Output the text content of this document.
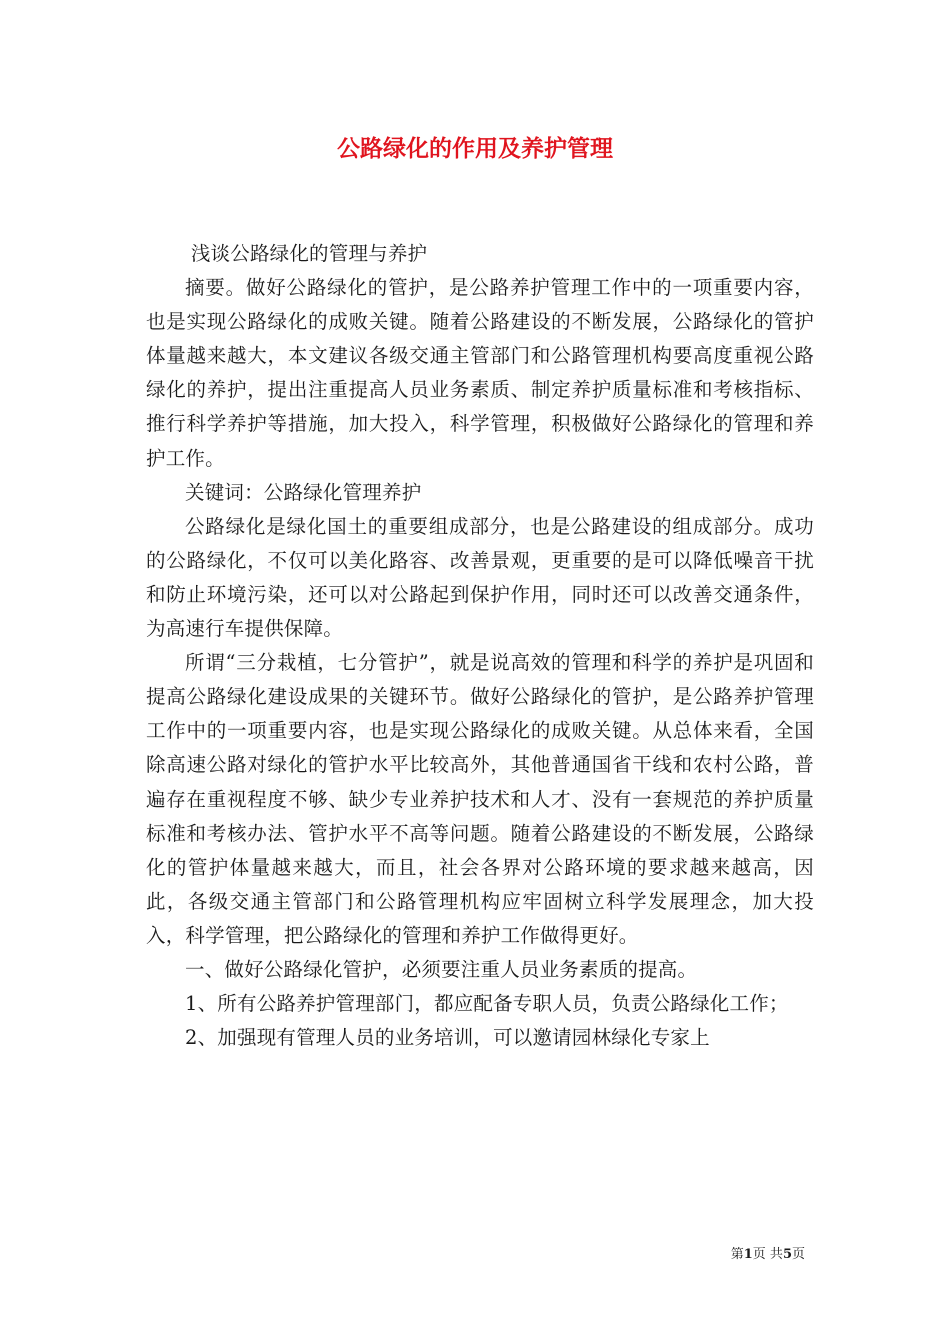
公路绿化的作用及养护管理

浅谈公路绿化的管理与养护

摘要。做好公路绿化的管护，是公路养护管理工作中的一项重要内容，也是实现公路绿化的成败关键。随着公路建设的不断发展，公路绿化的管护体量越来越大，本文建议各级交通主管部门和公路管理机构要高度重视公路绿化的养护，提出注重提高人员业务素质、制定养护质量标准和考核指标、推行科学养护等措施，加大投入，科学管理，积极做好公路绿化的管理和养护工作。

关键词：公路绿化管理养护

公路绿化是绿化国土的重要组成部分，也是公路建设的组成部分。成功的公路绿化，不仅可以美化路容、改善景观，更重要的是可以降低噪音干扰和防止环境污染，还可以对公路起到保护作用，同时还可以改善交通条件，为高速行车提供保障。

所谓“三分栽植，七分管护”，就是说高效的管理和科学的养护是巩固和提高公路绿化建设成果的关键环节。做好公路绿化的管护，是公路养护管理工作中的一项重要内容，也是实现公路绿化的成败关键。从总体来看，全国除高速公路对绿化的管护水平比较高外，其他普通国省干线和农村公路，普遍存在重视程度不够、缺少专业养护技术和人才、没有一套规范的养护质量标准和考核办法、管护水平不高等问题。随着公路建设的不断发展，公路绿化的管护体量越来越大，而且，社会各界对公路环境的要求越来越高，因此，各级交通主管部门和公路管理机构应牢固树立科学发展理念，加大投入，科学管理，把公路绿化的管理和养护工作做得更好。

一、做好公路绿化管护，必须要注重人员业务素质的提高。

1、所有公路养护管理部门，都应配备专职人员，负责公路绿化工作；

2、加强现有管理人员的业务培训，可以邀请园林绿化专家上

第1页 共5页
